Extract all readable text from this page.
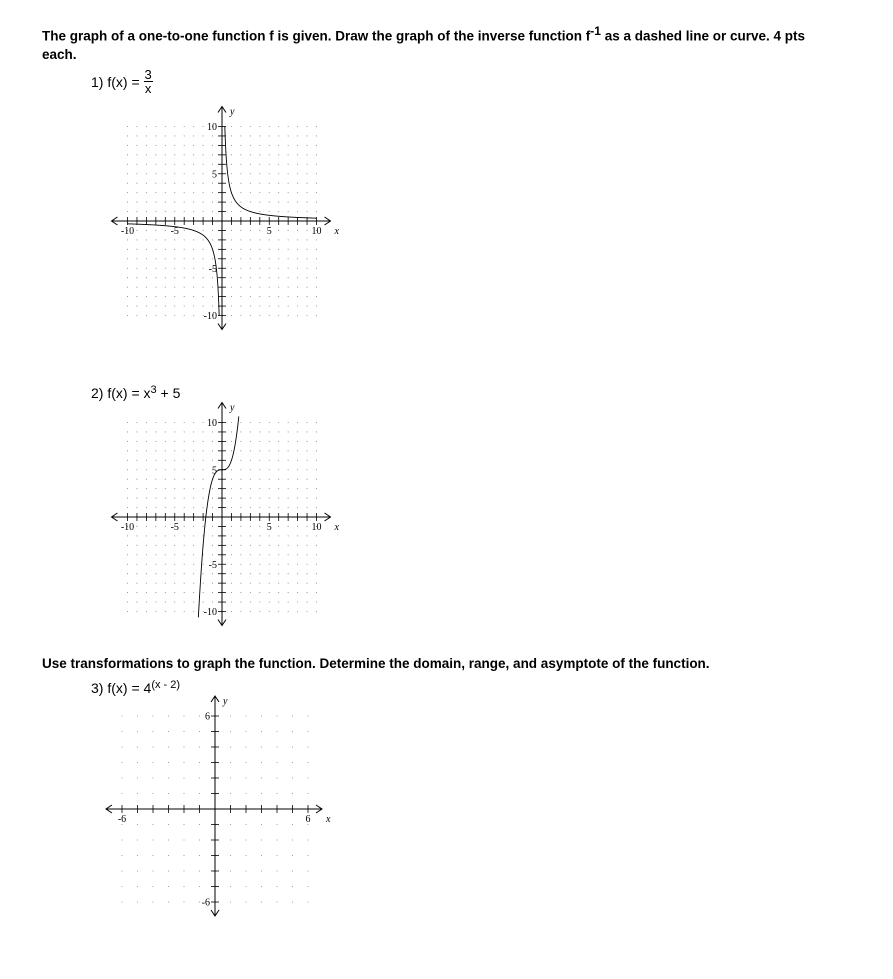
The graph of a one-to-one function f is given. Draw the graph of the inverse function $f^{-1}$ as a dashed line or curve. 4 pts
each.
1) $f(x) = \frac{3}{x}$
-10	-5	5	10
10
5
-5
-10
x
y
2) $f(x) = x^3 + 5$
-10	-5	5	10
10
5
-5
-10
x
y
Use transformations to graph the function. Determine the domain, range, and asymptote of the function.
3) $f(x) = 4^{(x - 2)}$
-6	6
6
-6
x
y
